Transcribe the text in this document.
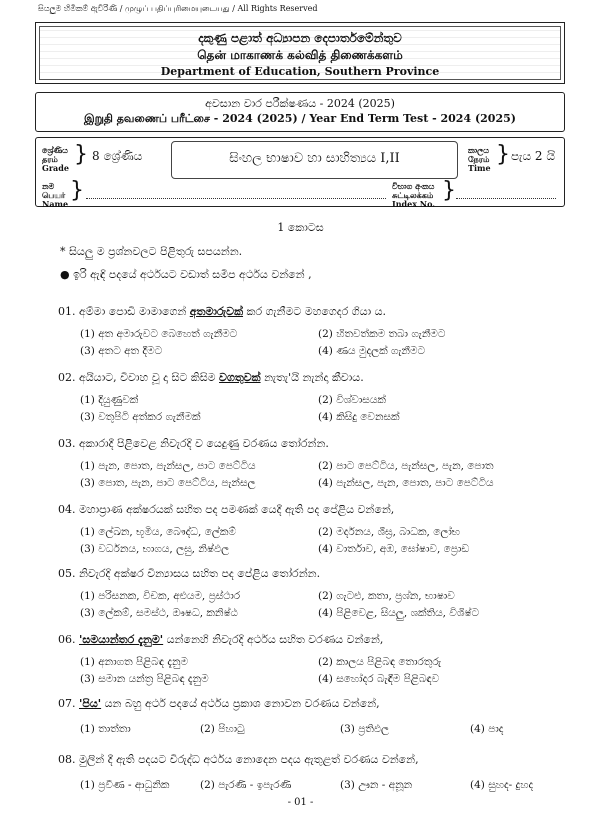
සියලුම හිමිකම් ඇවිරිණි / முழுப் பதிப்புரிமையுடையது / All Rights Reserved
දකුණු පළාත් අධ්‍යාපන දෙපාර්තමේන්තුව
தென் மாகாணக் கல்வித் திணைக்களம்
Department of Education, Southern Province
අවසාන වාර පරීක්ෂණය - 2024 (2025)
இறுதி தவணைப் பரீட்சை - 2024 (2025) / Year End Term Test - 2024 (2025)
ශ්‍රේණිය
தரம்
Grade
} 8 ශ්‍රේණිය	සිංහල භාෂාව හා සාහිත්‍යය I,II
කාලය
நேரம்
Time
} පැය 2 යි
නම
பெயர்
Name
}	විභාග අංකය
சுட்டிலக்கம்
Index No.
}
1 කොටස
* සියලු ම ප්‍රශ්නවලට පිළිතුරු සපයන්න.
● ඉරි ඇඳි පදයේ අර්ථයට වඩාත් සමීප අර්ථය වන්නේ ,
01. අම්මා පොඩි මාමාගෙන් අතමාරුවක් කර ගැනීමට මහගෙදර ගියා ය.
(1) අත අමාරුවට බෙහෙත් ගැනීමට	(2) හිතවත්කම තබා ගැනීමට
(3) අතට අත දීමට	(4) ණය මුදලක් ගැනීමට
02. අයියාට, විවාහ වූ දා සිට කිසිම වගතුවක් නැතැ'යි නැන්දා කීවාය.
(1) දියුණුවක්	(2) විශ්වාසයක්
(3) වතුපිටි අත්කර ගැනීමක්	(4) කිසිදු වෙනසක්
03. අකාරාදී පිළිවෙළ නිවැරදි ව යෙදුණු වරණය තෝරන්න.
(1) පැන, පොත, පැන්සල, පාට පෙට්ටිය	(2) පාට පෙට්ටිය, පැන්සල, පැන, පොත
(3) පොත, පැන, පාට පෙට්ටිය, පැන්සල	(4) පැන්සල, පැන, පොත, පාට පෙට්ටිය
04. මහාප්‍රාණ අක්ෂරයක් සහිත පද පමණක් යෙදී ඇති පද පේළිය වන්නේ,
(1) ලේඛන, භූමිය, බෞද්ධ, ලේකම්	(2) මර්දනය, ශීඝ්‍ර, බාධක, ලෝභ
(3) වර්ධනය, භාගය, ලඝු, නිෂ්ඵල	(4) වාර්තාව, අඹ, ඝෝෂාව, ප්‍රොඩ
05. නිවැරදි අක්ෂර වින්‍යාසය සහිත පද පේළිය තෝරන්න.
(1) පරිසනක, විචක, අළුයම, ප්‍රස්ථාර	(2) ගැටළු, කතා, ප්‍රශ්න, භාෂාව
(3) ලේකම්, සමස්ථ, ඖෂධ, කනිෂ්ඨ	(4) පිළිවෙළ, සියලු, ශක්තිය, විශිෂ්ට
06. 'සමයාන්තර දැනුම' යන්නෙහි නිවැරදි අර්ථය සහිත වරණය වන්නේ,
(1) අනාගත පිළිබඳ දැනුම	(2) කාලය පිළිබඳ තොරතුරු
(3) සමාන යන්ත්‍ර පිළිබඳ දැනුම	(4) සහෝදර බැඳීම පිළිබඳව
07. 'පිය' යන බහු අර්ථ පදයේ අර්ථය ප්‍රකාශ නොවන වරණය වන්නේ,
(1) තාත්තා	(2) පිහාටු	(3) ප්‍රතිඵල	(4) පාද
08. මුලින් දී ඇති පදයට විරුද්ධ අර්ථය නොදෙන පදය ඇතුළත් වරණය වන්නේ,
(1) ප්‍රවීණ - ආධුනික	(2) පැරණි - ඉපැරණි	(3) ඌන - අනූන	(4) සුහද- දුහද
- 01 -
